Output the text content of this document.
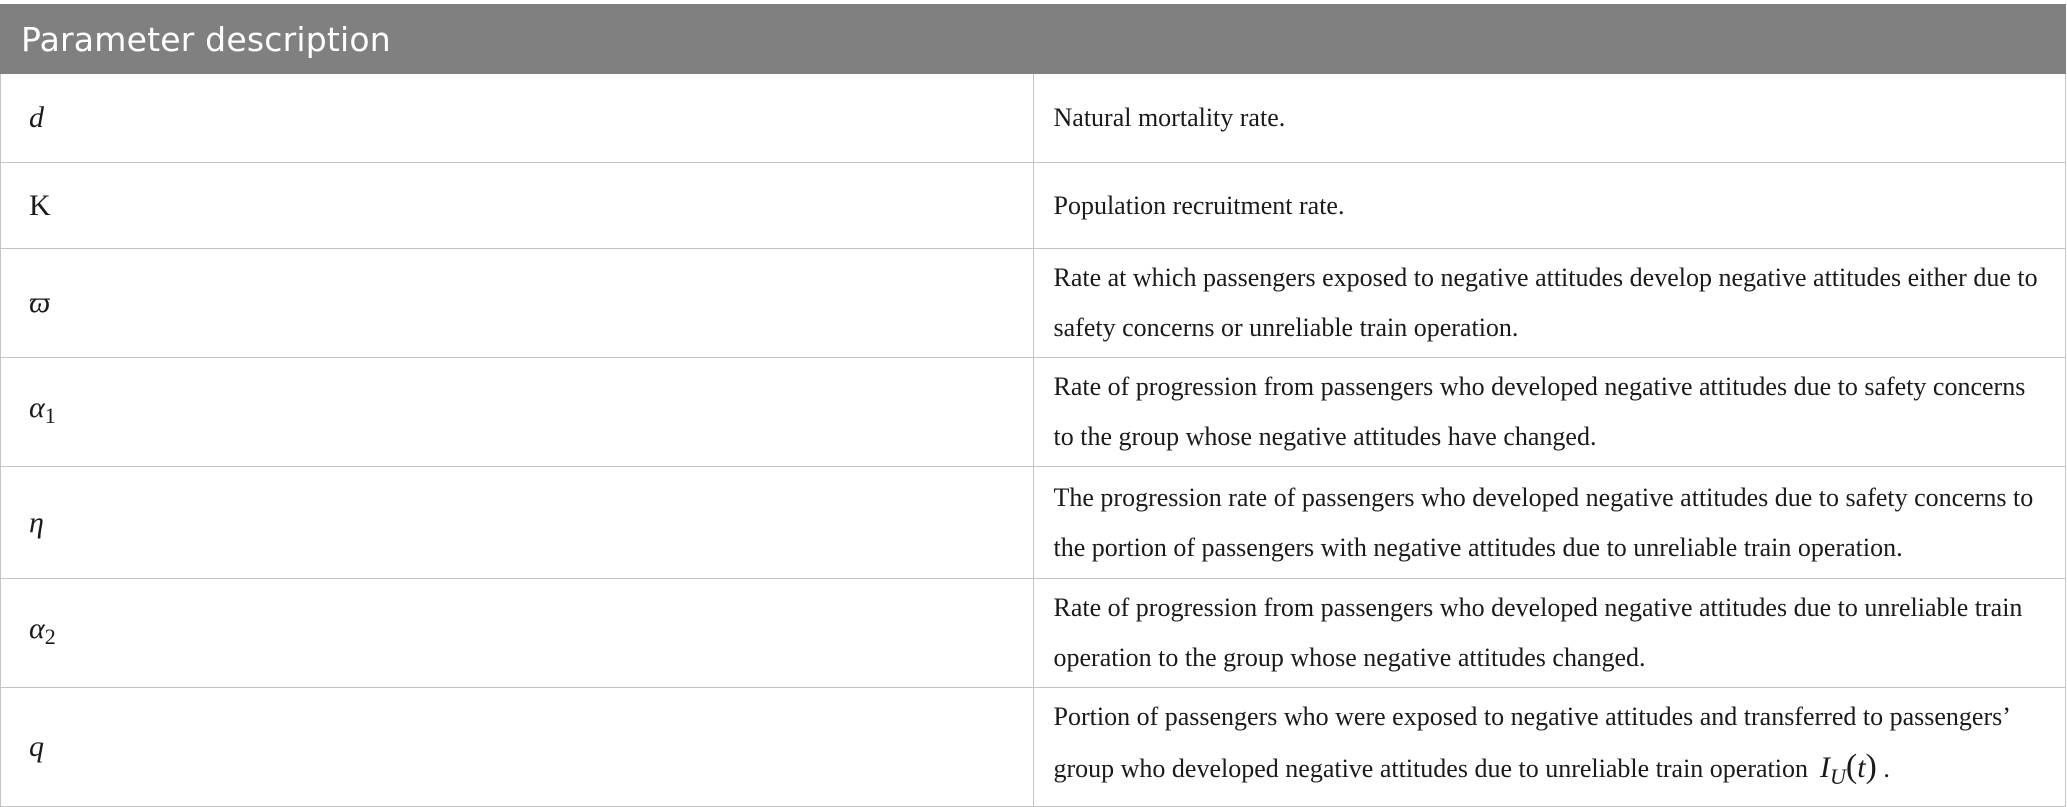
Parameter description	
d	Natural mortality rate.
K	Population recruitment rate.
ϖ	Rate at which passengers exposed to negative attitudes develop negative attitudes either due to safety concerns or unreliable train operation.
$\alpha_1$	Rate of progression from passengers who developed negative attitudes due to safety concerns to the group whose negative attitudes have changed.
η	The progression rate of passengers who developed negative attitudes due to safety concerns to the portion of passengers with negative attitudes due to unreliable train operation.
$\alpha_2$	Rate of progression from passengers who developed negative attitudes due to unreliable train operation to the group whose negative attitudes changed.
q	Portion of passengers who were exposed to negative attitudes and transferred to passengers’ group who developed negative attitudes due to unreliable train operation $I_U(t)$ .
